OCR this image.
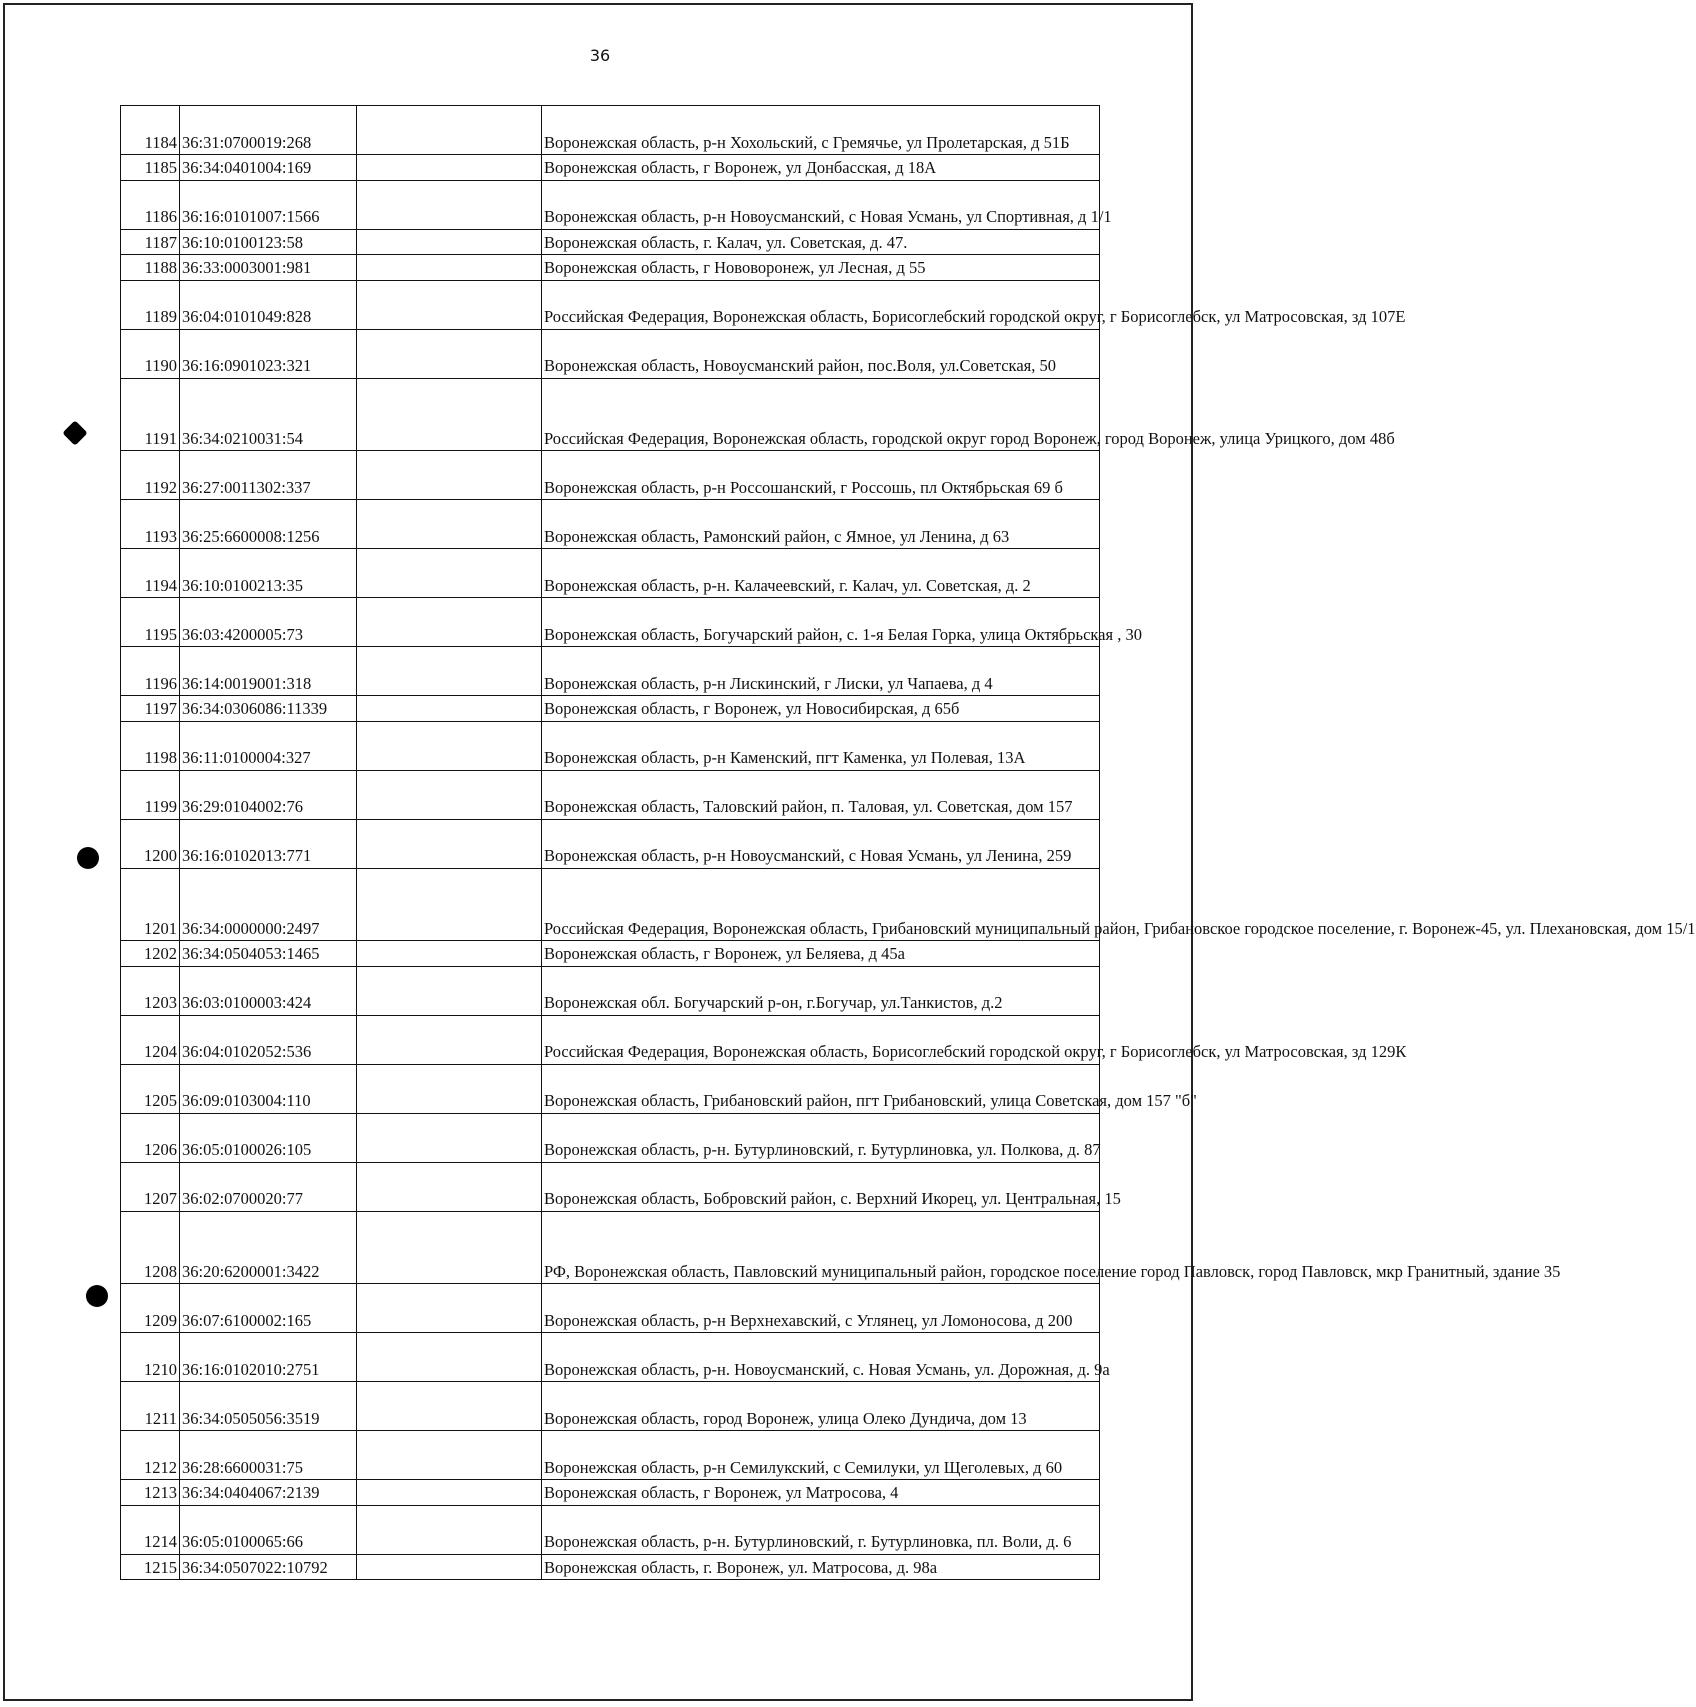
36
1184	36:31:0700019:268		Воронежская область, р-н Хохольский, с Гремячье, ул Пролетарская, д 51Б
1185	36:34:0401004:169		Воронежская область, г Воронеж, ул Донбасская, д 18А
1186	36:16:0101007:1566		Воронежская область, р-н Новоусманский, с Новая Усмань, ул Спортивная, д 1/1
1187	36:10:0100123:58		Воронежская область, г. Калач, ул. Советская, д. 47.
1188	36:33:0003001:981		Воронежская область, г Нововоронеж, ул Лесная, д 55
1189	36:04:0101049:828		Российская Федерация, Воронежская область, Борисоглебский городской округ, г Борисоглебск, ул Матросовская, зд 107Е
1190	36:16:0901023:321		Воронежская область, Новоусманский район, пос.Воля, ул.Советская, 50
1191	36:34:0210031:54		Российская Федерация, Воронежская область, городской округ город Воронеж, город Воронеж, улица Урицкого, дом 48б
1192	36:27:0011302:337		Воронежская область, р-н Россошанский, г Россошь, пл Октябрьская 69 б
1193	36:25:6600008:1256		Воронежская область, Рамонский район, с Ямное, ул Ленина, д 63
1194	36:10:0100213:35		Воронежская область, р-н. Калачеевский, г. Калач, ул. Советская, д. 2
1195	36:03:4200005:73		Воронежская область, Богучарский район, с. 1-я Белая Горка, улица Октябрьская , 30
1196	36:14:0019001:318		Воронежская область, р-н Лискинский, г Лиски, ул Чапаева, д 4
1197	36:34:0306086:11339		Воронежская область, г Воронеж, ул Новосибирская, д 65б
1198	36:11:0100004:327		Воронежская область, р-н Каменский, пгт Каменка, ул Полевая, 13А
1199	36:29:0104002:76		Воронежская область, Таловский район, п. Таловая, ул. Советская, дом 157
1200	36:16:0102013:771		Воронежская область, р-н Новоусманский, с Новая Усмань, ул Ленина, 259
1201	36:34:0000000:2497		Российская Федерация, Воронежская область, Грибановский муниципальный район, Грибановское городское поселение, г. Воронеж-45, ул. Плехановская, дом 15/1
1202	36:34:0504053:1465		Воронежская область, г Воронеж, ул Беляева, д 45а
1203	36:03:0100003:424		Воронежская обл. Богучарский р-он, г.Богучар, ул.Танкистов, д.2
1204	36:04:0102052:536		Российская Федерация, Воронежская область, Борисоглебский городской округ, г Борисоглебск, ул Матросовская, зд 129К
1205	36:09:0103004:110		Воронежская область, Грибановский район, пгт Грибановский, улица Советская, дом 157 "б"
1206	36:05:0100026:105		Воронежская область, р-н. Бутурлиновский, г. Бутурлиновка, ул. Полкова, д. 87
1207	36:02:0700020:77		Воронежская область, Бобровский район, с. Верхний Икорец, ул. Центральная, 15
1208	36:20:6200001:3422		РФ, Воронежская область, Павловский муниципальный район, городское поселение город Павловск, город Павловск, мкр Гранитный, здание 35
1209	36:07:6100002:165		Воронежская область, р-н Верхнехавский, с Углянец, ул Ломоносова, д 200
1210	36:16:0102010:2751		Воронежская область, р-н. Новоусманский, с. Новая Усмань, ул. Дорожная, д. 9а
1211	36:34:0505056:3519		Воронежская область, город Воронеж, улица Олеко Дундича, дом 13
1212	36:28:6600031:75		Воронежская область, р-н Семилукский, с Семилуки, ул Щеголевых, д 60
1213	36:34:0404067:2139		Воронежская область, г Воронеж, ул Матросова, 4
1214	36:05:0100065:66		Воронежская область, р-н. Бутурлиновский, г. Бутурлиновка, пл. Воли, д. 6
1215	36:34:0507022:10792		Воронежская область, г. Воронеж, ул. Матросова, д. 98а
